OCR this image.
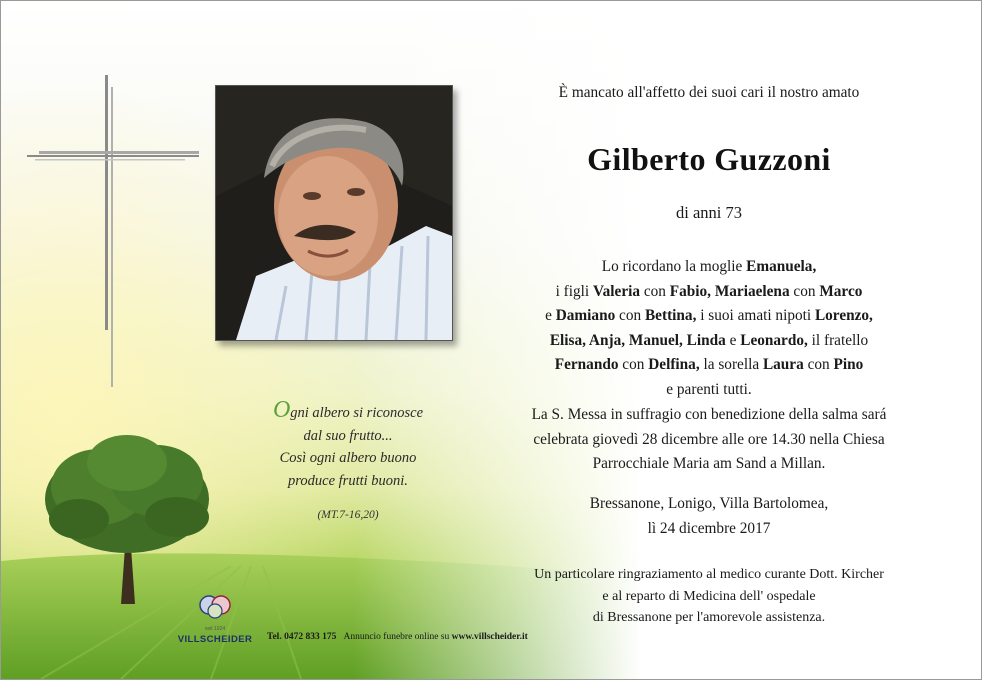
Ogni albero si riconosce
dal suo frutto...
Così ogni albero buono
produce frutti buoni.
(MT.7-16,20)
seit 1924
VILLSCHEIDER	Tel. 0472 833 175 Annuncio funebre online su www.villscheider.it
È mancato all'affetto dei suoi cari il nostro amato
Gilberto Guzzoni
di anni 73
Lo ricordano la moglie Emanuela,
i figli Valeria con Fabio, Mariaelena con Marco
e Damiano con Bettina, i suoi amati nipoti Lorenzo,
Elisa, Anja, Manuel, Linda e Leonardo, il fratello
Fernando con Delfina, la sorella Laura con Pino
e parenti tutti.
La S. Messa in suffragio con benedizione della salma sará
celebrata giovedì 28 dicembre alle ore 14.30 nella Chiesa
Parrocchiale Maria am Sand a Millan.
Bressanone, Lonigo, Villa Bartolomea,
lì 24 dicembre 2017
Un particolare ringraziamento al medico curante Dott. Kircher
e al reparto di Medicina dell' ospedale
di Bressanone per l'amorevole assistenza.
